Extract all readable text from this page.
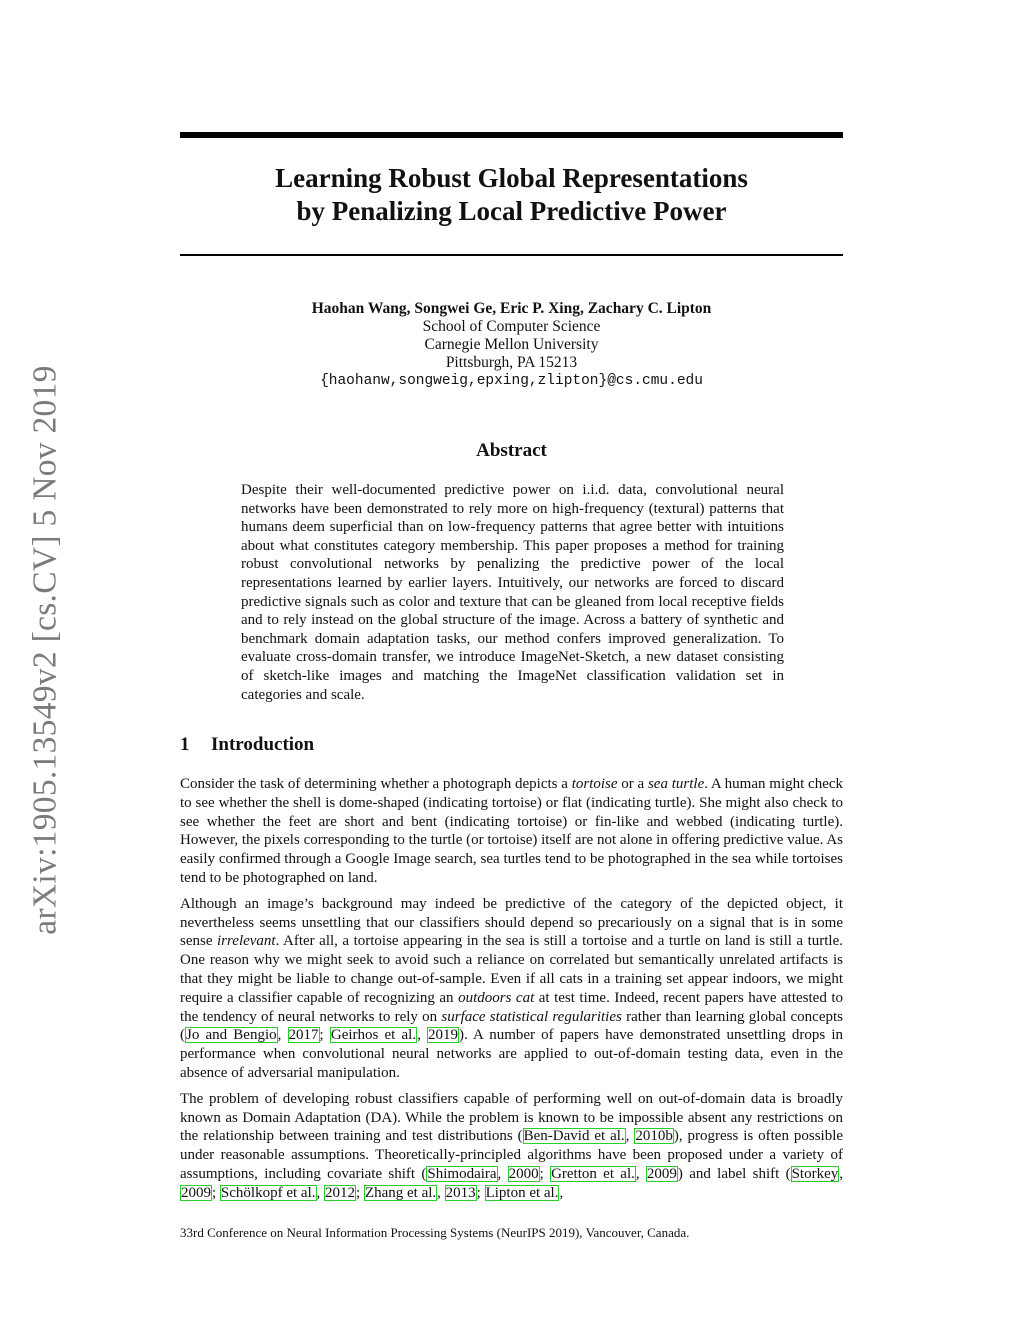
arXiv:1905.13549v2 [cs.CV] 5 Nov 2019
Learning Robust Global Representations
by Penalizing Local Predictive Power
Haohan Wang, Songwei Ge, Eric P. Xing, Zachary C. Lipton
School of Computer Science
Carnegie Mellon University
Pittsburgh, PA 15213
{haohanw,songweig,epxing,zlipton}@cs.cmu.edu
Abstract
Despite their well-documented predictive power on i.i.d. data, convolutional neural networks have been demonstrated to rely more on high-frequency (textural) patterns that humans deem superficial than on low-frequency patterns that agree better with intuitions about what constitutes category membership. This paper proposes a method for training robust convolutional networks by penalizing the predictive power of the local representations learned by earlier layers. Intuitively, our networks are forced to discard predictive signals such as color and texture that can be gleaned from local receptive fields and to rely instead on the global structure of the image. Across a battery of synthetic and benchmark domain adaptation tasks, our method confers improved generalization. To evaluate cross-domain transfer, we introduce ImageNet-Sketch, a new dataset consisting of sketch-like images and matching the ImageNet classification validation set in categories and scale.
1 Introduction

Consider the task of determining whether a photograph depicts a tortoise or a sea turtle. A human might check to see whether the shell is dome-shaped (indicating tortoise) or flat (indicating turtle). She might also check to see whether the feet are short and bent (indicating tortoise) or fin-like and webbed (indicating turtle). However, the pixels corresponding to the turtle (or tortoise) itself are not alone in offering predictive value. As easily confirmed through a Google Image search, sea turtles tend to be photographed in the sea while tortoises tend to be photographed on land.

Although an image’s background may indeed be predictive of the category of the depicted object, it nevertheless seems unsettling that our classifiers should depend so precariously on a signal that is in some sense irrelevant. After all, a tortoise appearing in the sea is still a tortoise and a turtle on land is still a turtle. One reason why we might seek to avoid such a reliance on correlated but semantically unrelated artifacts is that they might be liable to change out-of-sample. Even if all cats in a training set appear indoors, we might require a classifier capable of recognizing an outdoors cat at test time. Indeed, recent papers have attested to the tendency of neural networks to rely on surface statistical regularities rather than learning global concepts (Jo and Bengio, 2017; Geirhos et al., 2019). A number of papers have demonstrated unsettling drops in performance when convolutional neural networks are applied to out-of-domain testing data, even in the absence of adversarial manipulation.

The problem of developing robust classifiers capable of performing well on out-of-domain data is broadly known as Domain Adaptation (DA). While the problem is known to be impossible absent any restrictions on the relationship between training and test distributions (Ben-David et al., 2010b), progress is often possible under reasonable assumptions. Theoretically-principled algorithms have been proposed under a variety of assumptions, including covariate shift (Shimodaira, 2000; Gretton et al., 2009) and label shift (Storkey, 2009; Schölkopf et al., 2012; Zhang et al., 2013; Lipton et al.,

33rd Conference on Neural Information Processing Systems (NeurIPS 2019), Vancouver, Canada.
